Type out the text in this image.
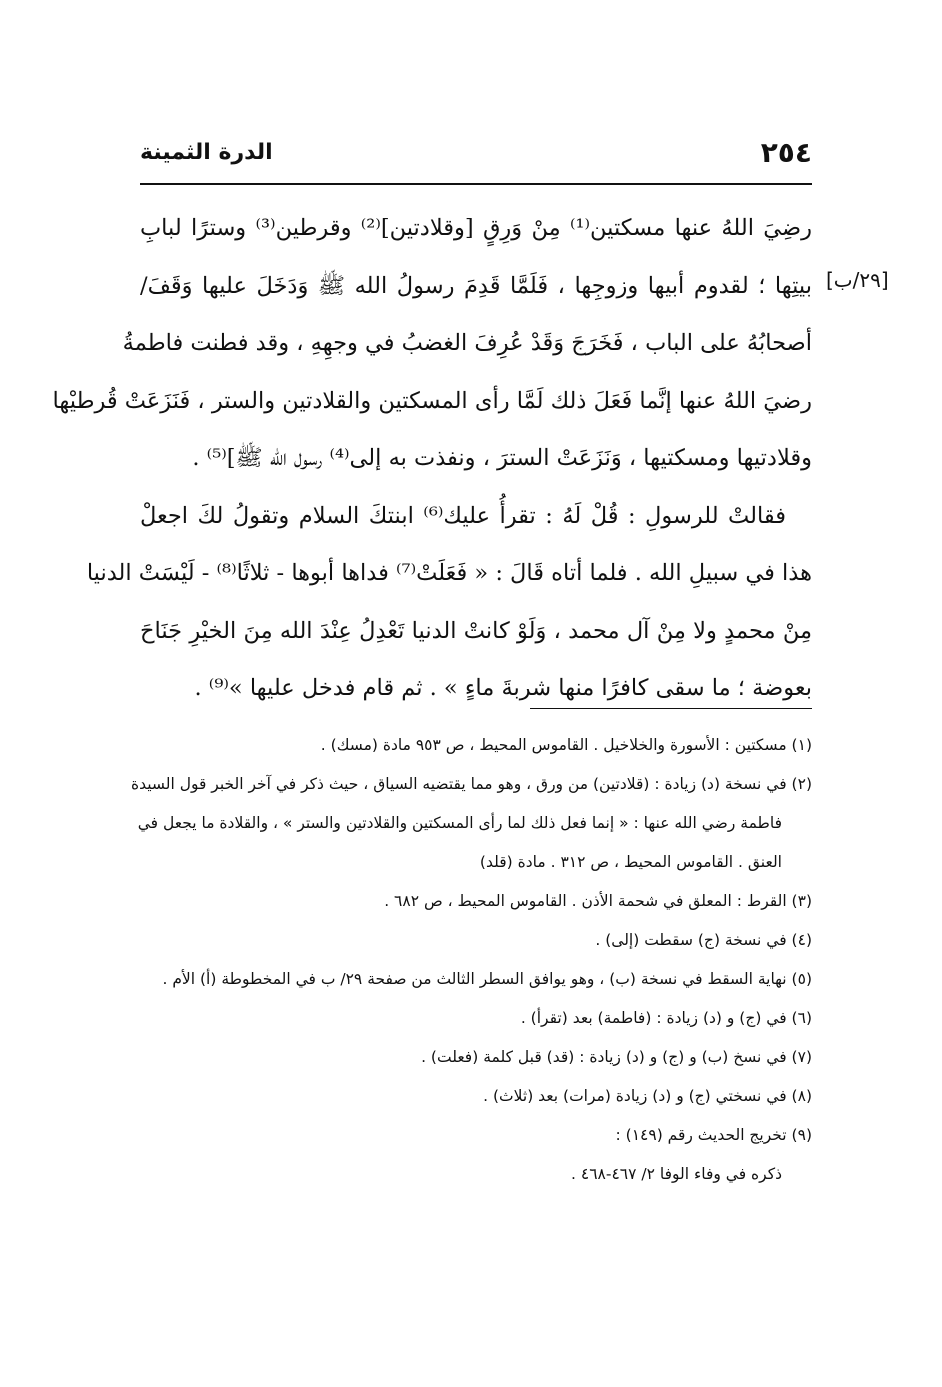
٢٥٤
الدرة الثمينة
[٢٩/ب]
رضِيَ اللهُ عنها مسكتين⁽¹⁾ مِنْ وَرِقٍ [وقلادتين]⁽²⁾ وقرطين⁽³⁾ وسترًا لبابِ
بيتِها ؛ لقدوم أبيها وزوجِها ، فَلَمَّا قَدِمَ رسولُ الله ﷺ وَدَخَلَ عليها وَقَفَ/
أصحابُهُ على الباب ، فَخَرَجَ وَقَدْ عُرِفَ الغضبُ في وجهِهِ ، وقد فطنت فاطمةُ
رضيَ اللهُ عنها إنَّما فَعَلَ ذلك لَمَّا رأى المسكتين والقلادتين والستر ، فَنَزَعَتْ قُرطيْها
وقلادتيها ومسكتيها ، وَنَزَعَتْ السترَ ، ونفذت به إلى⁽⁴⁾ رسول الله ﷺ]⁽⁵⁾ .
فقالتْ للرسولِ : قُلْ لَهُ : تقرأُ عليك⁽⁶⁾ ابنتكَ السلام وتقولُ لكَ اجعلْ
هذا في سبيلِ الله . فلما أتاه قَالَ : « فَعَلَتْ⁽⁷⁾ فداها أبوها - ثلاثًا⁽⁸⁾ - لَيْسَتْ الدنيا
مِنْ محمدٍ ولا مِنْ آل محمد ، وَلَوْ كانتْ الدنيا تَعْدِلُ عِنْدَ الله مِنَ الخيْرِ جَنَاحَ
بعوضة ؛ ما سقى كافرًا منها شربةَ ماءٍ » . ثم قام فدخل عليها »⁽⁹⁾ .
(١) مسكتين : الأسورة والخلاخيل . القاموس المحيط ، ص ٩٥٣ مادة (مسك) .
(٢) في نسخة (د) زيادة : (قلادتين) من ورق ، وهو مما يقتضيه السياق ، حيث ذكر في آخر الخبر قول السيدة
فاطمة رضي الله عنها : « إنما فعل ذلك لما رأى المسكتين والقلادتين والستر » ، والقلادة ما يجعل في
العنق . القاموس المحيط ، ص ٣١٢ . مادة (قلد)
(٣) القرط : المعلق في شحمة الأذن . القاموس المحيط ، ص ٦٨٢ .
(٤) في نسخة (ج) سقطت (إلى) .
(٥) نهاية السقط في نسخة (ب) ، وهو يوافق السطر الثالث من صفحة ٢٩/ ب في المخطوطة (أ) الأم .
(٦) في (ج) و (د) زيادة : (فاطمة) بعد (تقرأ) .
(٧) في نسخ (ب) و (ج) و (د) زيادة : (قد) قبل كلمة (فعلت) .
(٨) في نسختي (ج) و (د) زيادة (مرات) بعد (ثلاث) .
(٩) تخريج الحديث رقم (١٤٩) :
ذكره في وفاء الوفا ٢/ ٤٦٧-٤٦٨ .
